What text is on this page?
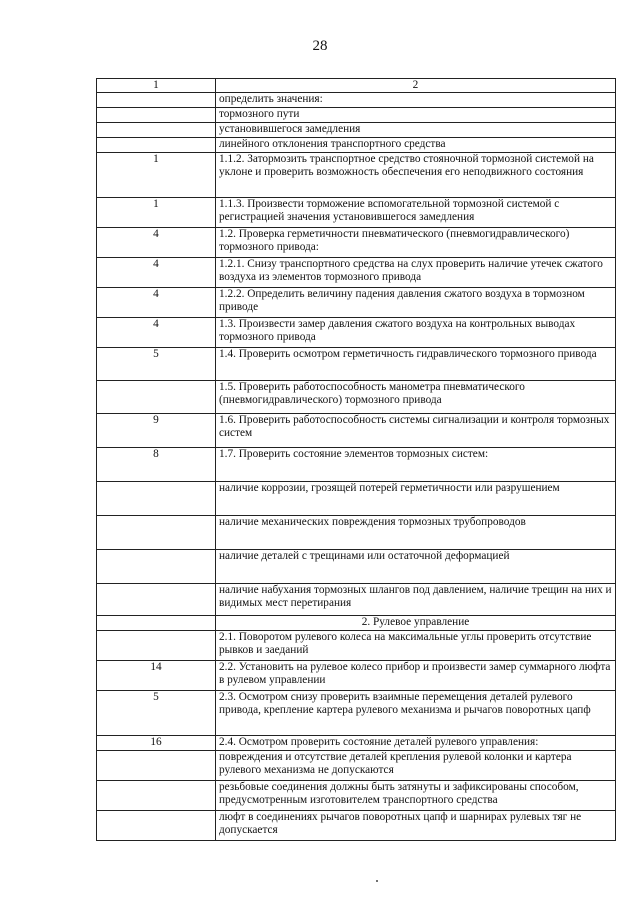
28
1	2
	определить значения:
	тормозного пути
	установившегося замедления
	линейного отклонения транспортного средства
1	1.1.2. Затормозить транспортное средство стояночной тормозной системой на уклоне и проверить возможность обеспечения его неподвижного состояния
1	1.1.3. Произвести торможение вспомогательной тормозной системой с регистрацией значения установившегося замедления
4	1.2. Проверка герметичности пневматического (пневмогидравлического) тормозного привода:
4	1.2.1. Снизу транспортного средства на слух проверить наличие утечек сжатого воздуха из элементов тормозного привода
4	1.2.2. Определить величину падения давления сжатого воздуха в тормозном приводе
4	1.3. Произвести замер давления сжатого воздуха на контрольных выводах тормозного привода
5	1.4. Проверить осмотром герметичность гидравлического тормозного привода
	1.5. Проверить работоспособность манометра пневматического (пневмогидравлического) тормозного привода
9	1.6. Проверить работоспособность системы сигнализации и контроля тормозных систем
8	1.7. Проверить состояние элементов тормозных систем:
	наличие коррозии, грозящей потерей герметичности или разрушением
	наличие механических повреждения тормозных трубопроводов
	наличие деталей с трещинами или остаточной деформацией
	наличие набухания тормозных шлангов под давлением, наличие трещин на них и видимых мест перетирания
	2. Рулевое управление
	2.1. Поворотом рулевого колеса на максимальные углы проверить отсутствие рывков и заеданий
14	2.2. Установить на рулевое колесо прибор и произвести замер суммарного люфта в рулевом управлении
5	2.3. Осмотром снизу проверить взаимные перемещения деталей рулевого привода, крепление картера рулевого механизма и рычагов поворотных цапф
16	2.4. Осмотром проверить состояние деталей рулевого управления:
	повреждения и отсутствие деталей крепления рулевой колонки и картера рулевого механизма не допускаются
	резьбовые соединения должны быть затянуты и зафиксированы способом, предусмотренным изготовителем транспортного средства
	люфт в соединениях рычагов поворотных цапф и шарнирах рулевых тяг не допускается
